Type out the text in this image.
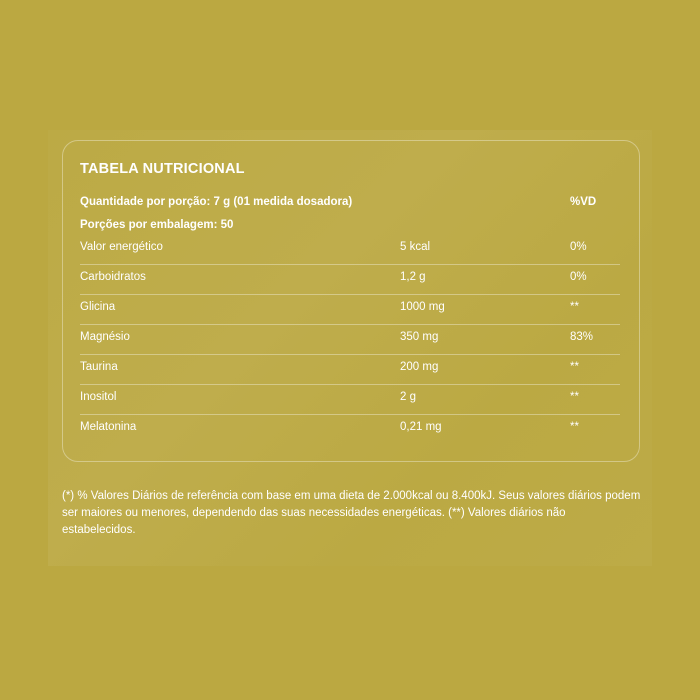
TABELA NUTRICIONAL
Quantidade por porção: 7 g (01 medida dosadora)
Porções por embalagem: 50
%VD
Valor energético	5 kcal	0%
Carboidratos	1,2 g	0%
Glicina	1000 mg	**
Magnésio	350 mg	83%
Taurina	200 mg	**
Inositol	2 g	**
Melatonina	0,21 mg	**
(*) % Valores Diários de referência com base em uma dieta de 2.000kcal ou 8.400kJ. Seus valores diários podem ser maiores ou menores, dependendo das suas necessidades energéticas. (**) Valores diários não estabelecidos.
